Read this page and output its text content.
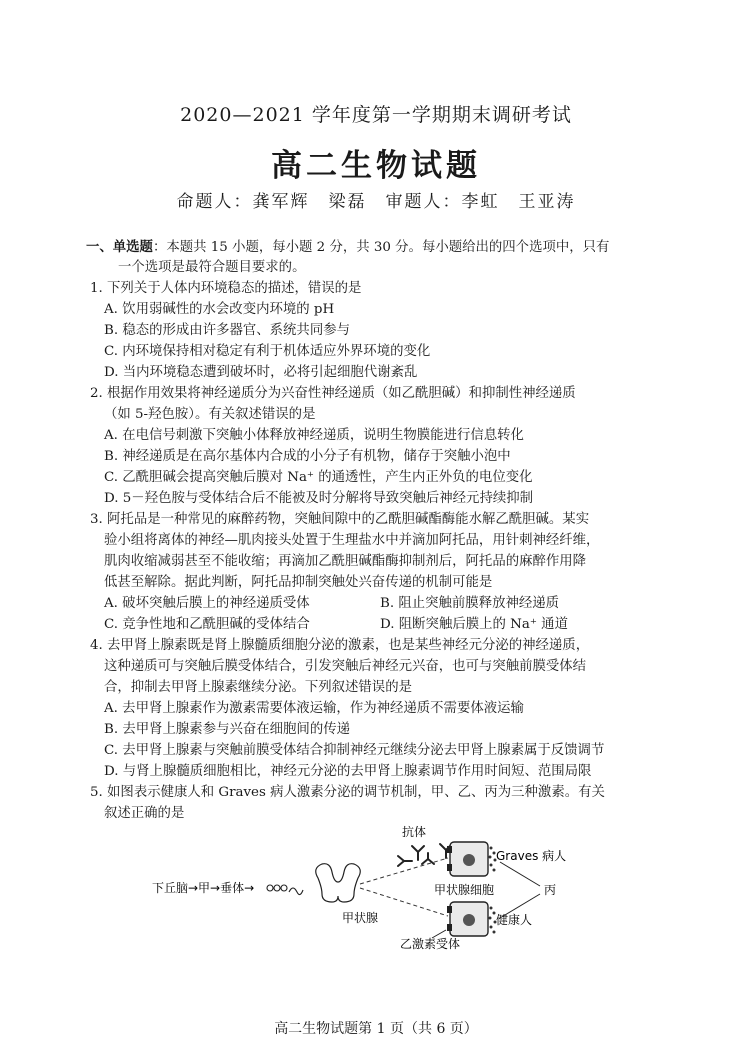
2020—2021 学年度第一学期期末调研考试
高二生物试题
命题人：龚军辉　梁磊　审题人：李虹　王亚涛
一、单选题：本题共 15 小题，每小题 2 分，共 30 分。每小题给出的四个选项中，只有
一个选项是最符合题目要求的。
1. 下列关于人体内环境稳态的描述，错误的是
A. 饮用弱碱性的水会改变内环境的 pH
B. 稳态的形成由许多器官、系统共同参与
C. 内环境保持相对稳定有利于机体适应外界环境的变化
D. 当内环境稳态遭到破坏时，必将引起细胞代谢紊乱
2. 根据作用效果将神经递质分为兴奋性神经递质（如乙酰胆碱）和抑制性神经递质
（如 5-羟色胺）。有关叙述错误的是
A. 在电信号刺激下突触小体释放神经递质，说明生物膜能进行信息转化
B. 神经递质是在高尔基体内合成的小分子有机物，储存于突触小泡中
C. 乙酰胆碱会提高突触后膜对 Na⁺ 的通透性，产生内正外负的电位变化
D. 5－羟色胺与受体结合后不能被及时分解将导致突触后神经元持续抑制
3. 阿托品是一种常见的麻醉药物，突触间隙中的乙酰胆碱酯酶能水解乙酰胆碱。某实
验小组将离体的神经—肌肉接头处置于生理盐水中并滴加阿托品，用针刺神经纤维，
肌肉收缩减弱甚至不能收缩；再滴加乙酰胆碱酯酶抑制剂后，阿托品的麻醉作用降
低甚至解除。据此判断，阿托品抑制突触处兴奋传递的机制可能是
A. 破坏突触后膜上的神经递质受体	B. 阻止突触前膜释放神经递质
C. 竞争性地和乙酰胆碱的受体结合	D. 阻断突触后膜上的 Na⁺ 通道
4. 去甲肾上腺素既是肾上腺髓质细胞分泌的激素，也是某些神经元分泌的神经递质，
这种递质可与突触后膜受体结合，引发突触后神经元兴奋，也可与突触前膜受体结
合，抑制去甲肾上腺素继续分泌。下列叙述错误的是
A. 去甲肾上腺素作为激素需要体液运输，作为神经递质不需要体液运输
B. 去甲肾上腺素参与兴奋在细胞间的传递
C. 去甲肾上腺素与突触前膜受体结合抑制神经元继续分泌去甲肾上腺素属于反馈调节
D. 与肾上腺髓质细胞相比，神经元分泌的去甲肾上腺素调节作用时间短、范围局限
5. 如图表示健康人和 Graves 病人激素分泌的调节机制，甲、乙、丙为三种激素。有关
叙述正确的是
抗体
Graves 病人
下丘脑→甲→垂体→
甲状腺
甲状腺细胞	丙
健康人
乙激素受体
高二生物试题第 1 页（共 6 页）
